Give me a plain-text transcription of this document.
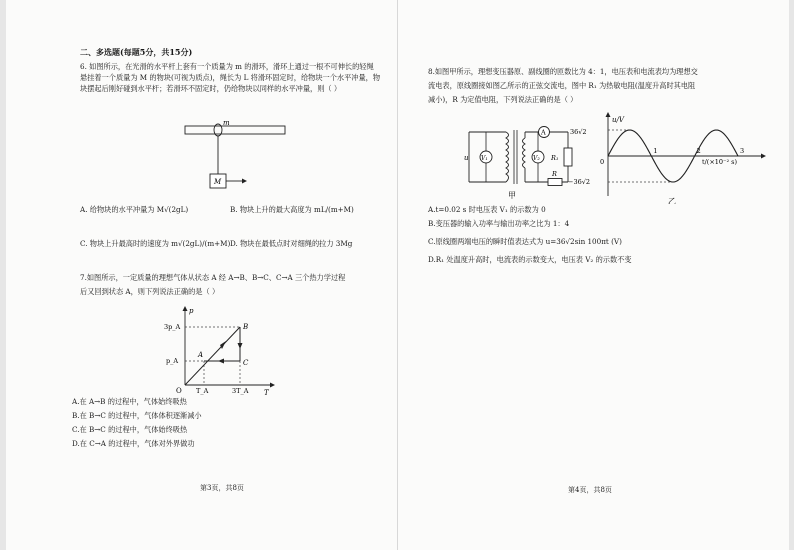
二、多选题(每题5分，共15分)
6. 如图所示，在光滑的水平杆上套有一个质量为 m 的滑环，滑环上通过一根不可伸长的轻绳悬挂着一个质量为 M 的物块(可视为质点)，绳长为 L 将滑环固定时，给物块一个水平冲量，物块摆起后刚好碰到水平杆；若滑环不固定时，仍给物块以同样的水平冲量，则（ ）
m
M
A. 给物块的水平冲量为 M√(2gL)	B. 物块上升的最大高度为 mL/(m+M)
C. 物块上升最高时的速度为 m√(2gL)/(m+M) D. 物块在最低点时对细绳的拉力 3Mg
7.如图所示，一定质量的理想气体从状态 A 经 A→B、B→C、C→A 三个热力学过程
后又回到状态 A，则下列说法正确的是（ ）
p
T
O
3p_A
p_A
T_A	3T_A
A
B
C
A.在 A→B 的过程中，气体始终吸热
B.在 B→C 的过程中，气体体积逐渐减小
C.在 B→C 的过程中，气体始终吸热
D.在 C→A 的过程中，气体对外界做功
第3页，共8页
8.如图甲所示，理想变压器原、副线圈的匝数比为 4：1，电压表和电流表均为理想交
流电表，原线圈接如图乙所示的正弦交流电，图中 R₁ 为热敏电阻(温度升高时其电阻
减小)，R 为定值电阻，下列说法正确的是（ ）
u V₁
A
V₂ R₁
R
甲
u/V
t/(×10⁻² s)
36√2
−36√2
0
1	2	3
乙
A.t=0.02 s 时电压表 V₁ 的示数为 0
B.变压器的输入功率与输出功率之比为 1：4
C.原线圈两端电压的瞬时值表达式为 u=36√2sin 100πt (V)
D.R₁ 处温度升高时，电流表的示数变大，电压表 V₂ 的示数不变
第4页，共8页
